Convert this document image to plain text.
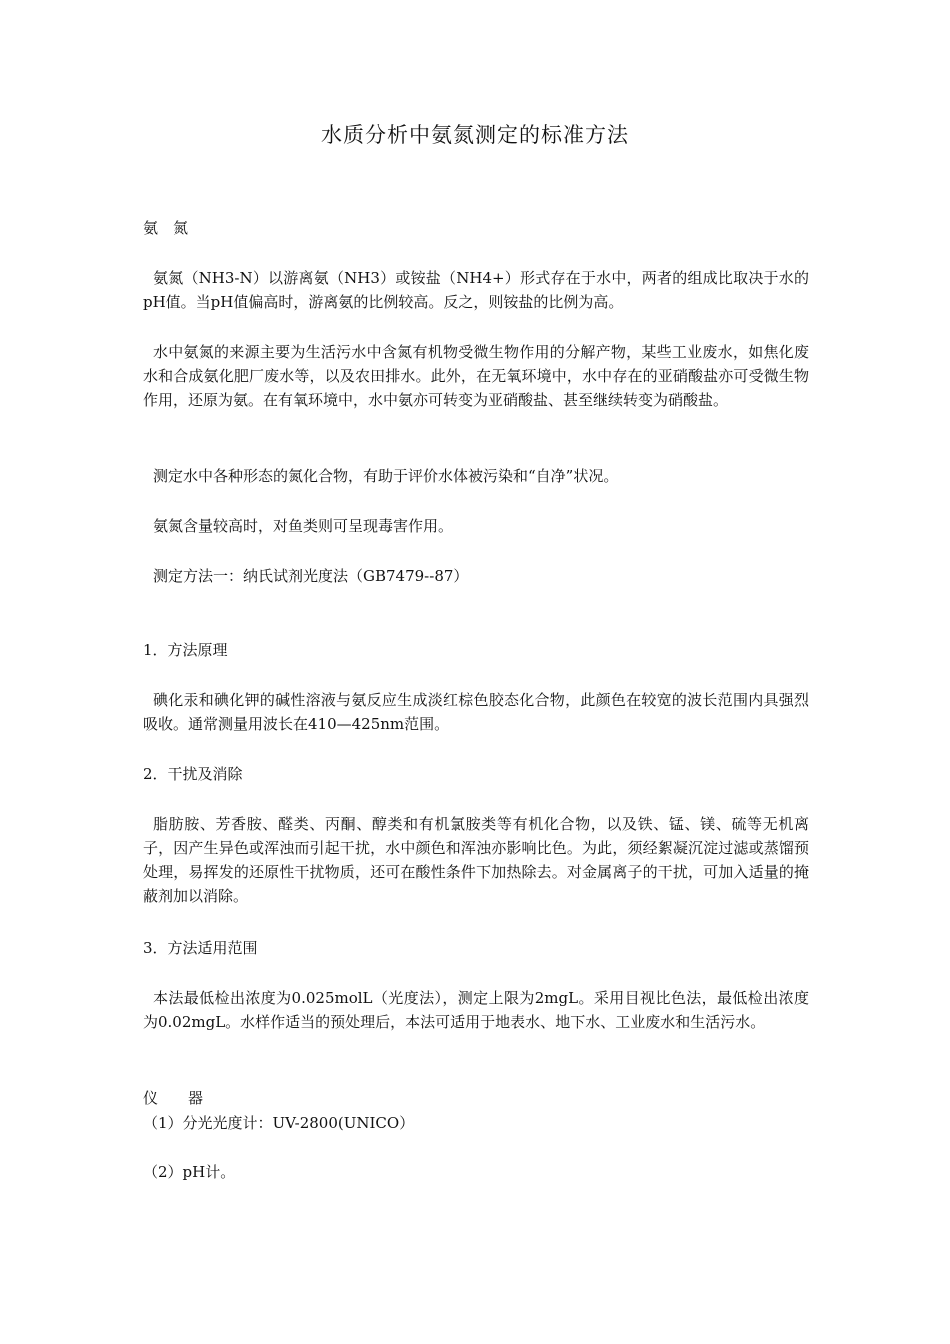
水质分析中氨氮测定的标准方法

氨　氮

氨氮（NH3-N）以游离氨（NH3）或铵盐（NH4+）形式存在于水中，两者的组成比取决于水的pH值。当pH值偏高时，游离氨的比例较高。反之，则铵盐的比例为高。

水中氨氮的来源主要为生活污水中含氮有机物受微生物作用的分解产物，某些工业废水，如焦化废水和合成氨化肥厂废水等，以及农田排水。此外，在无氧环境中，水中存在的亚硝酸盐亦可受微生物作用，还原为氨。在有氧环境中，水中氨亦可转变为亚硝酸盐、甚至继续转变为硝酸盐。

测定水中各种形态的氮化合物，有助于评价水体被污染和“自净”状况。

氨氮含量较高时，对鱼类则可呈现毒害作用。

测定方法一：纳氏试剂光度法（GB7479--87）

1．方法原理

碘化汞和碘化钾的碱性溶液与氨反应生成淡红棕色胶态化合物，此颜色在较宽的波长范围内具强烈吸收。通常测量用波长在410—425nm范围。

2．干扰及消除

脂肪胺、芳香胺、醛类、丙酮、醇类和有机氯胺类等有机化合物，以及铁、锰、镁、硫等无机离子，因产生异色或浑浊而引起干扰，水中颜色和浑浊亦影响比色。为此，须经絮凝沉淀过滤或蒸馏预处理，易挥发的还原性干扰物质，还可在酸性条件下加热除去。对金属离子的干扰，可加入适量的掩蔽剂加以消除。

3．方法适用范围

本法最低检出浓度为0.025molL（光度法），测定上限为2mgL。采用目视比色法，最低检出浓度为0.02mgL。水样作适当的预处理后，本法可适用于地表水、地下水、工业废水和生活污水。

仪　　器

（1）分光光度计：UV-2800(UNICO）

（2）pH计。
